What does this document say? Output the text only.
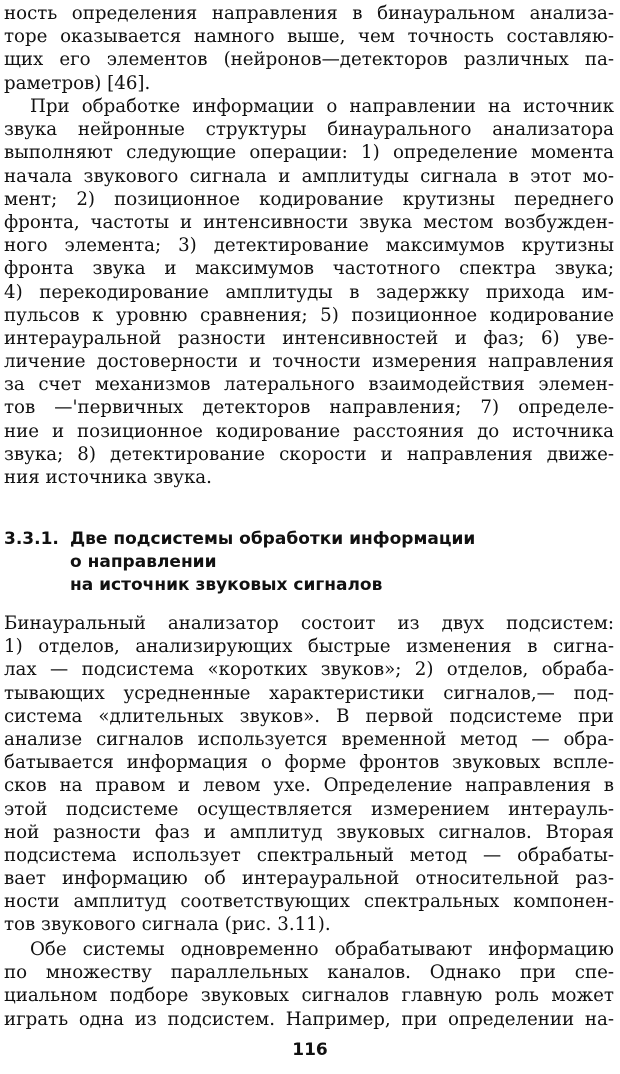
ность определения направления в бинауральном анализа-
торе оказывается намного выше, чем точность составляю-
щих его элементов (нейронов—детекторов различных па-
раметров) [46].
При обработке информации о направлении на источник
звука нейронные структуры бинаурального анализатора
выполняют следующие операции: 1) определение момента
начала звукового сигнала и амплитуды сигнала в этот мо-
мент; 2) позиционное кодирование крутизны переднего
фронта, частоты и интенсивности звука местом возбужден-
ного элемента; 3) детектирование максимумов крутизны
фронта звука и максимумов частотного спектра звука;
4) перекодирование амплитуды в задержку прихода им-
пульсов к уровню сравнения; 5) позиционное кодирование
интерауральной разности интенсивностей и фаз; 6) уве-
личение достоверности и точности измерения направления
за счет механизмов латерального взаимодействия элемен-
тов —'первичных детекторов направления; 7) определе-
ние и позиционное кодирование расстояния до источника
звука; 8) детектирование скорости и направления движе-
ния источника звука.
3.3.1. Две подсистемы обработки информации
о направлении
на источник звуковых сигналов
Бинауральный анализатор состоит из двух подсистем:
1) отделов, анализирующих быстрые изменения в сигна-
лах — подсистема «коротких звуков»; 2) отделов, обраба-
тывающих усредненные характеристики сигналов,— под-
система «длительных звуков». В первой подсистеме при
анализе сигналов используется временной метод — обра-
батывается информация о форме фронтов звуковых вспле-
сков на правом и левом ухе. Определение направления в
этой подсистеме осуществляется измерением интерауль-
ной разности фаз и амплитуд звуковых сигналов. Вторая
подсистема использует спектральный метод — обрабаты-
вает информацию об интерауральной относительной раз-
ности амплитуд соответствующих спектральных компонен-
тов звукового сигнала (рис. 3.11).
Обе системы одновременно обрабатывают информацию
по множеству параллельных каналов. Однако при спе-
циальном подборе звуковых сигналов главную роль может
играть одна из подсистем. Например, при определении на-
116
